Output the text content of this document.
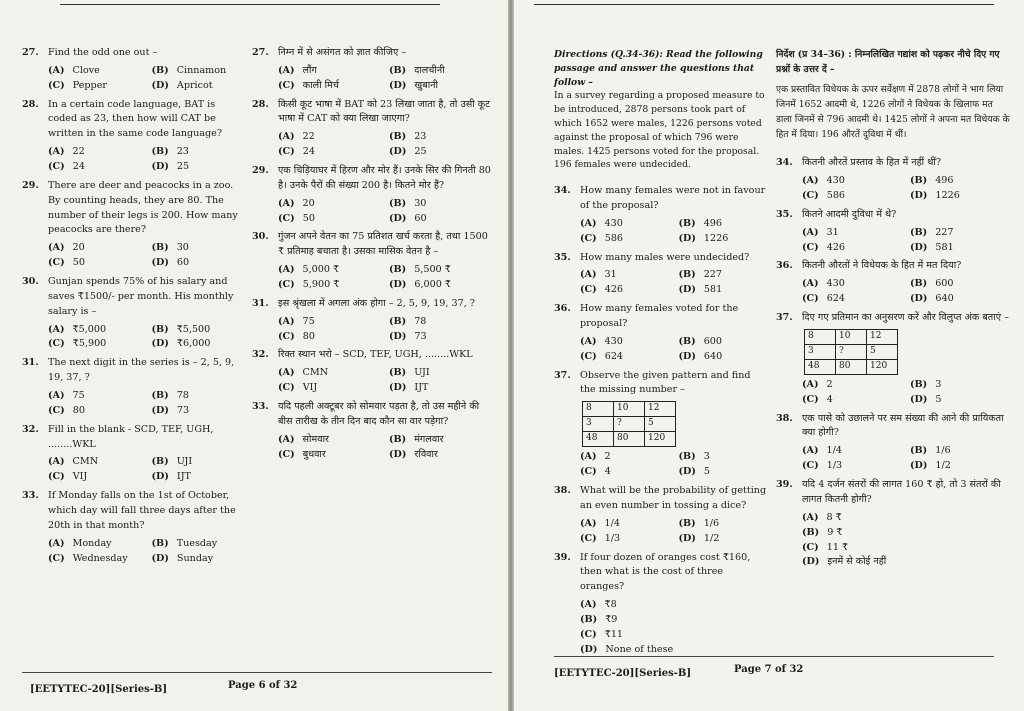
27. Find the odd one out –
(A) Clove	(B) Cinnamon
(C) Pepper	(D) Apricot
28. In a certain code language, BAT is coded as 23, then how will CAT be written in the same code language?
(A) 22	(B) 23
(C) 24	(D) 25
29. There are deer and peacocks in a zoo. By counting heads, they are 80. The number of their legs is 200. How many peacocks are there?
(A) 20	(B) 30
(C) 50	(D) 60
30. Gunjan spends 75% of his salary and saves ₹1500/- per month. His monthly salary is –
(A) ₹5,000	(B) ₹5,500
(C) ₹5,900	(D) ₹6,000
31. The next digit in the series is – 2, 5, 9, 19, 37, ?
(A) 75	(B) 78
(C) 80	(D) 73
32. Fill in the blank - SCD, TEF, UGH, ........WKL
(A) CMN	(B) UJI
(C) VIJ	(D) IJT
33. If Monday falls on the 1st of October, which day will fall three days after the 20th in that month?
(A) Monday	(B) Tuesday
(C) Wednesday	(D) Sunday
27. निम्न में से असंगत को ज्ञात कीजिए –
(A) लौंग	(B) दालचीनी
(C) काली मिर्च	(D) खुबानी
28. किसी कूट भाषा में BAT को 23 लिखा जाता है, तो उसी कूट भाषा में CAT को क्या लिखा जाएगा?
(A) 22	(B) 23
(C) 24	(D) 25
29. एक चिड़ियाघर में हिरण और मोर हैं। उनके सिर की गिनती 80 है। उनके पैरों की संख्या 200 है। कितने मोर हैं?
(A) 20	(B) 30
(C) 50	(D) 60
30. गुंजन अपने वेतन का 75 प्रतिशत खर्च करता है, तथा 1500 ₹ प्रतिमाह बचाता है। उसका मासिक वेतन है –
(A) 5,000 ₹	(B) 5,500 ₹
(C) 5,900 ₹	(D) 6,000 ₹
31. इस श्रृंखला में अगला अंक होगा – 2, 5, 9, 19, 37, ?
(A) 75	(B) 78
(C) 80	(D) 73
32. रिक्त स्थान भरो – SCD, TEF, UGH, ........WKL
(A) CMN	(B) UJI
(C) VIJ	(D) IJT
33. यदि पहली अक्टूबर को सोमवार पड़ता है, तो उस महीने की बीस तारीख के तीन दिन बाद कौन सा वार पड़ेगा?
(A) सोमवार	(B) मंगलवार
(C) बुधवार	(D) रविवार
[EETYTEC-20][Series-B]	Page 6 of 32
Directions (Q.34-36): Read the following passage and answer the questions that follow –
In a survey regarding a proposed measure to be introduced, 2878 persons took part of which 1652 were males, 1226 persons voted against the proposal of which 796 were males. 1425 persons voted for the proposal. 196 females were undecided.
34. How many females were not in favour of the proposal?
(A) 430	(B) 496
(C) 586	(D) 1226
35. How many males were undecided?
(A) 31	(B) 227
(C) 426	(D) 581
36. How many females voted for the proposal?
(A) 430	(B) 600
(C) 624	(D) 640
37. Observe the given pattern and find the missing number –
8	10	12
3	?	5
48	80	120
(A) 2	(B) 3
(C) 4	(D) 5
38. What will be the probability of getting an even number in tossing a dice?
(A) 1/4	(B) 1/6
(C) 1/3	(D) 1/2
39. If four dozen of oranges cost ₹160, then what is the cost of three oranges?
(A) ₹8
(B) ₹9
(C) ₹11
(D) None of these
निर्देश (प्र 34–36) : निम्नलिखित गद्यांश को पढ़कर नीचे दिए गए प्रश्नों के उत्तर दें –
एक प्रस्तावित विधेयक के ऊपर सर्वेक्षण में 2878 लोगों ने भाग लिया जिनमें 1652 आदमी थे, 1226 लोगों ने विधेयक के खिलाफ मत डाला जिनमें से 796 आदमी थे। 1425 लोगों ने अपना मत विधेयक के हित में दिया। 196 औरतें दुविधा में थीं।
34. कितनी औरतें प्रस्ताव के हित में नहीं थीं?
(A) 430	(B) 496
(C) 586	(D) 1226
35. कितने आदमी दुविधा में थे?
(A) 31	(B) 227
(C) 426	(D) 581
36. कितनी औरतों ने विधेयक के हित में मत दिया?
(A) 430	(B) 600
(C) 624	(D) 640
37. दिए गए प्रतिमान का अनुसरण करें और विलुप्त अंक बताएं –
8	10	12
3	?	5
48	80	120
(A) 2	(B) 3
(C) 4	(D) 5
38. एक पासे को उछालने पर सम संख्या की आने की प्रायिकता क्या होगी?
(A) 1/4	(B) 1/6
(C) 1/3	(D) 1/2
39. यदि 4 दर्जन संतरों की लागत 160 ₹ हो, तो 3 संतरों की लागत कितनी होगी?
(A) 8 ₹
(B) 9 ₹
(C) 11 ₹
(D) इनमें से कोई नहीं
[EETYTEC-20][Series-B]	Page 7 of 32
